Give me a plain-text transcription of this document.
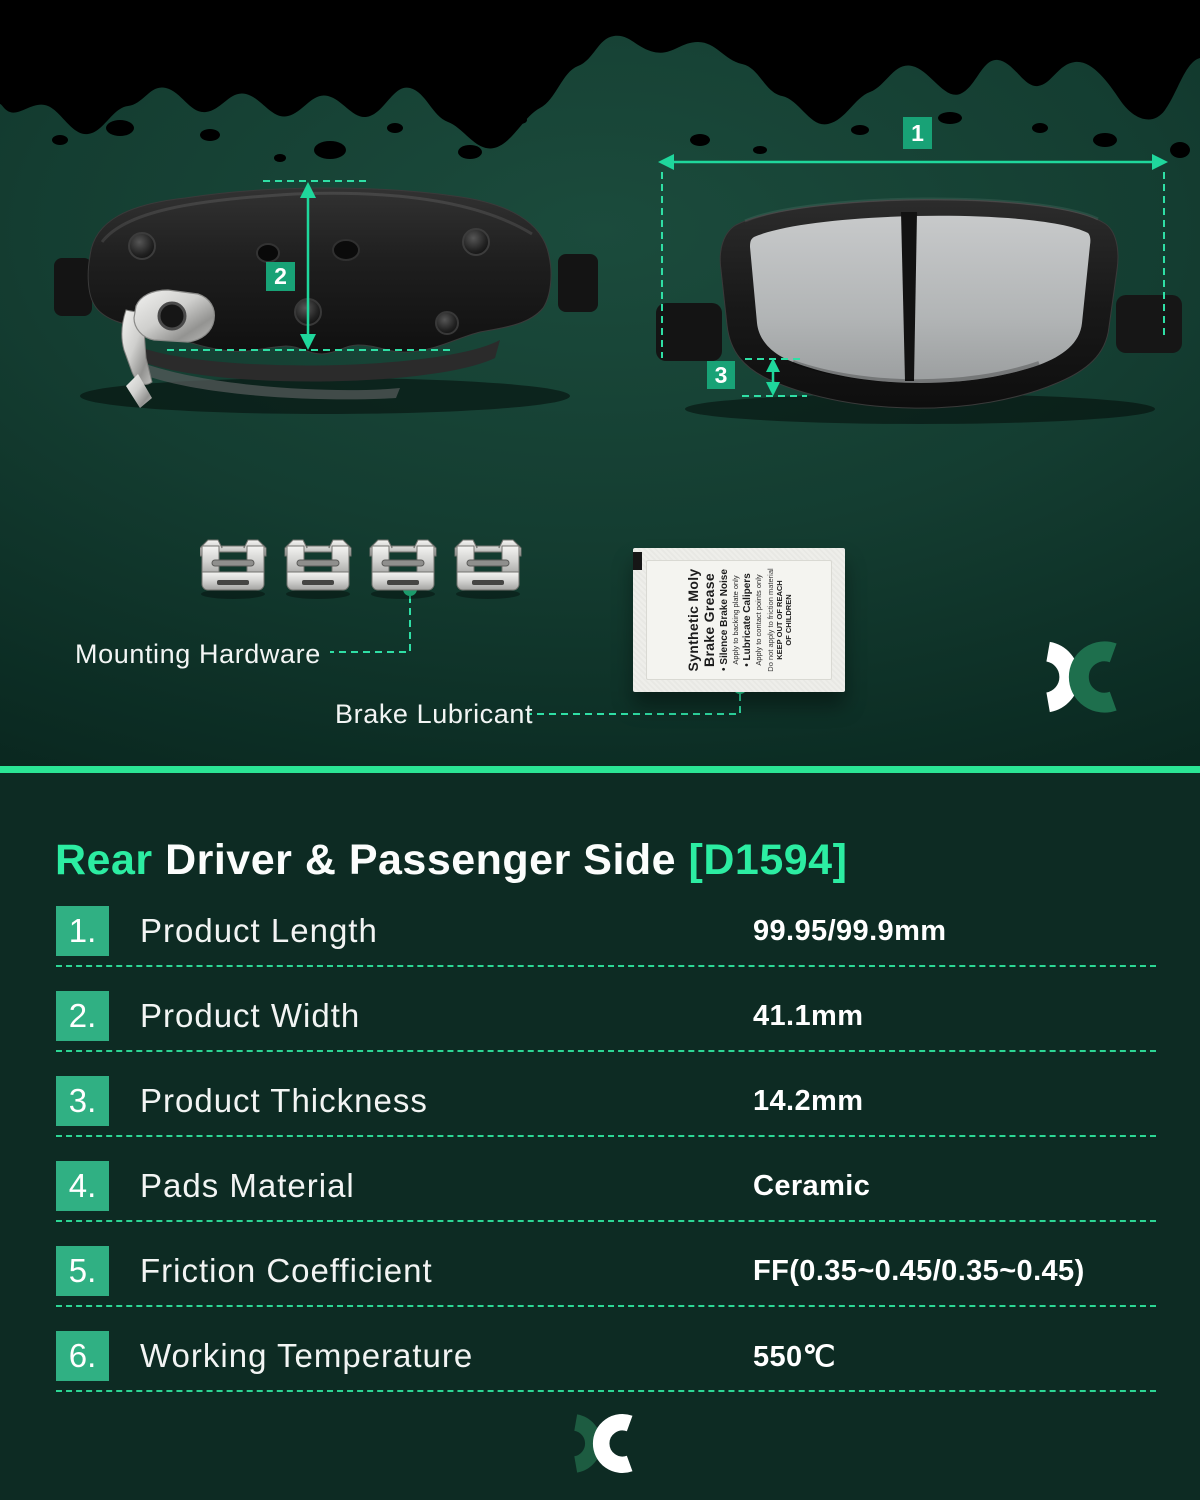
1
2
3
Mounting Hardware
Brake Lubricant
Synthetic Moly Brake Grease • Silence Brake Noise Apply to backing plate only • Lubricate Calipers Apply to contact points only Do not apply to friction material KEEP OUT OF REACH OF CHILDREN
Rear Driver & Passenger Side [D1594]
1.	Product Length	99.95/99.9mm
2.	Product Width	41.1mm
3.	Product Thickness	14.2mm
4.	Pads Material	Ceramic
5.	Friction Coefficient	FF(0.35~0.45/0.35~0.45)
6.	Working Temperature	550℃
